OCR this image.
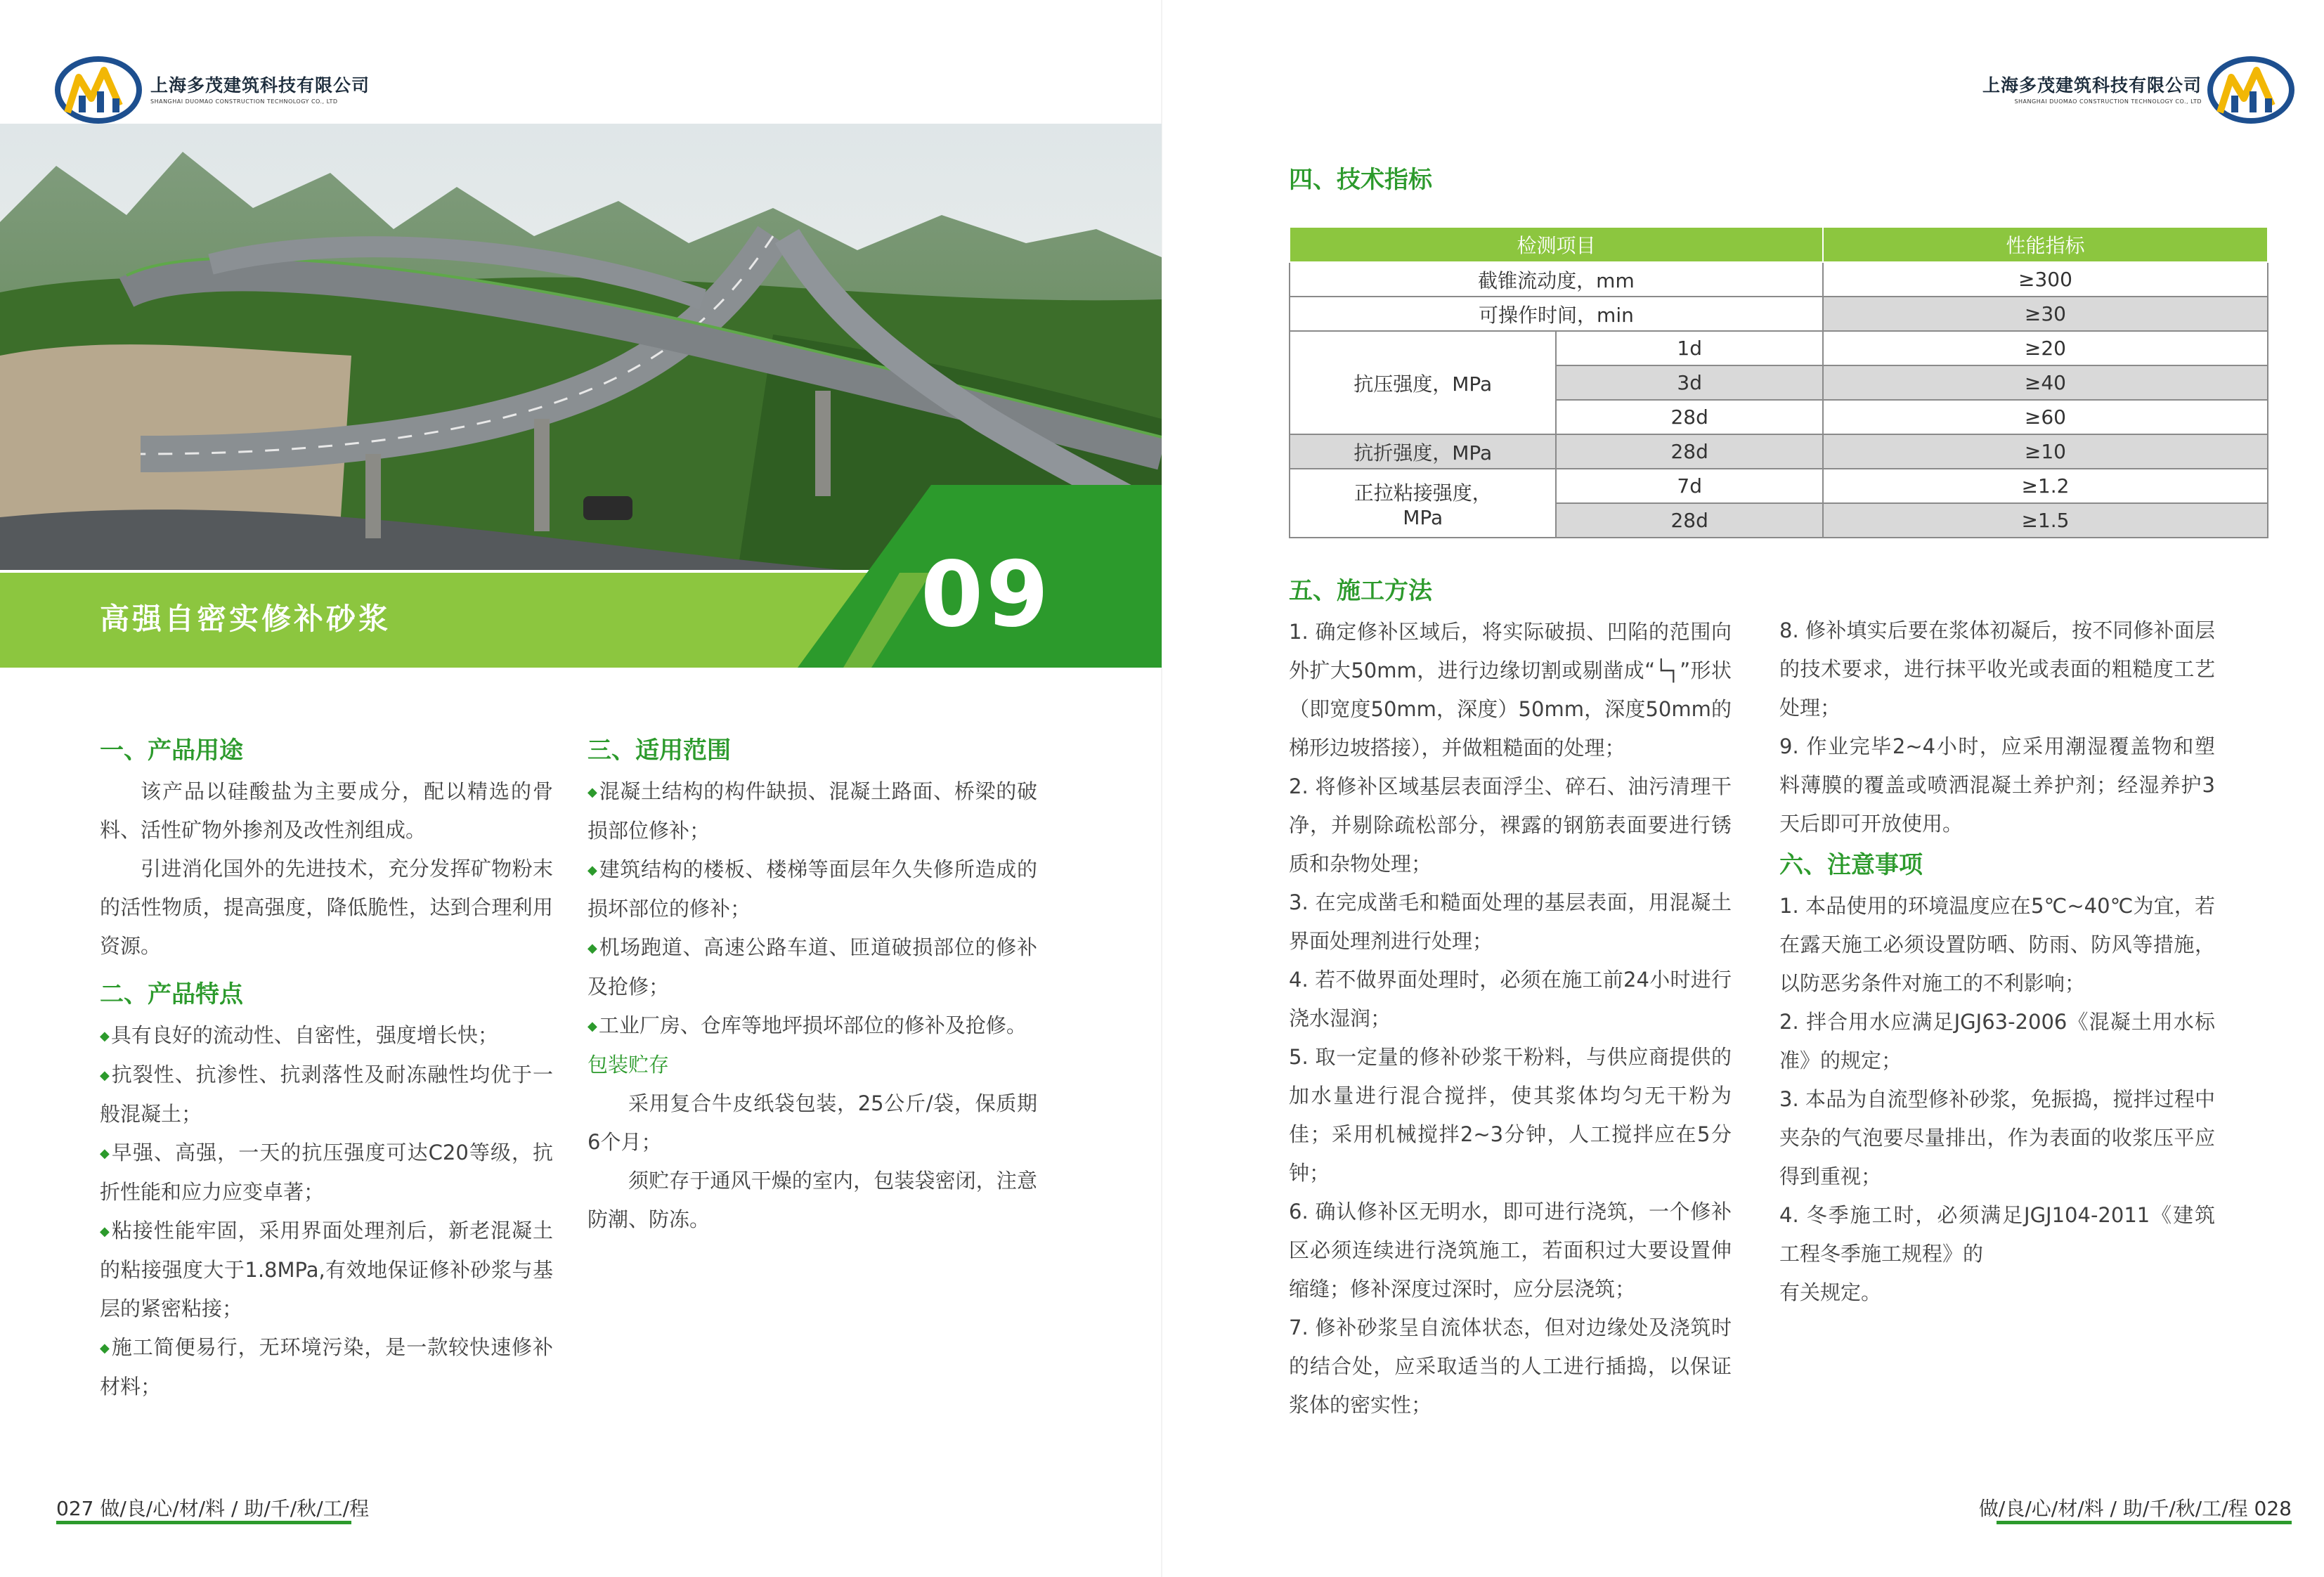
上海多茂建筑科技有限公司
SHANGHAI DUOMAO CONSTRUCTION TECHNOLOGY CO., LTD
高强自密实修补砂浆	09
一、产品用途

该产品以硅酸盐为主要成分，配以精选的骨料、活性矿物外掺剂及改性剂组成。

引进消化国外的先进技术，充分发挥矿物粉末的活性物质，提高强度，降低脆性，达到合理利用资源。

二、产品特点

◆ 具有良好的流动性、自密性，强度增长快；

◆ 抗裂性、抗渗性、抗剥落性及耐冻融性均优于一般混凝土；

◆ 早强、高强，一天的抗压强度可达C20等级，抗折性能和应力应变卓著；

◆ 粘接性能牢固，采用界面处理剂后，新老混凝土的粘接强度大于1.8MPa,有效地保证修补砂浆与基层的紧密粘接；

◆ 施工简便易行，无环境污染，是一款较快速修补材料；

三、适用范围

◆ 混凝土结构的构件缺损、混凝土路面、桥梁的破损部位修补；

◆ 建筑结构的楼板、楼梯等面层年久失修所造成的损坏部位的修补；

◆ 机场跑道、高速公路车道、匝道破损部位的修补及抢修；

◆ 工业厂房、仓库等地坪损坏部位的修补及抢修。

包装贮存

采用复合牛皮纸袋包装，25公斤/袋，保质期6个月；

须贮存于通风干燥的室内，包装袋密闭，注意防潮、防冻。

027 做/良/心/材/料 / 助/千/秋/工/程
上海多茂建筑科技有限公司
SHANGHAI DUOMAO CONSTRUCTION TECHNOLOGY CO., LTD
四、技术指标
检测项目		性能指标
截锥流动度，mm		≥300
可操作时间，min		≥30
抗压强度，MPa	1d	≥20
	3d	≥40
	28d	≥60
抗折强度，MPa	28d	≥10

正拉粘接强度，
MPa	7d	≥1.2
	28d	≥1.5
五、施工方法

1. 确定修补区域后，将实际破损、凹陷的范围向外扩大50mm，进行边缘切割或剔凿成“└┐”形状（即宽度50mm，深度）50mm，深度50mm的梯形边坡搭接），并做粗糙面的处理；

2. 将修补区域基层表面浮尘、碎石、油污清理干净，并剔除疏松部分，裸露的钢筋表面要进行锈质和杂物处理；

3. 在完成凿毛和糙面处理的基层表面，用混凝土界面处理剂进行处理；

4. 若不做界面处理时，必须在施工前24小时进行浇水湿润；

5. 取一定量的修补砂浆干粉料，与供应商提供的加水量进行混合搅拌，使其浆体均匀无干粉为佳；采用机械搅拌2~3分钟，人工搅拌应在5分钟；

6. 确认修补区无明水，即可进行浇筑，一个修补区必须连续进行浇筑施工，若面积过大要设置伸缩缝；修补深度过深时，应分层浇筑；

7. 修补砂浆呈自流体状态，但对边缘处及浇筑时的结合处，应采取适当的人工进行插捣，以保证浆体的密实性；

8. 修补填实后要在浆体初凝后，按不同修补面层的技术要求，进行抹平收光或表面的粗糙度工艺处理；

9. 作业完毕2~4小时，应采用潮湿覆盖物和塑料薄膜的覆盖或喷洒混凝土养护剂；经湿养护3天后即可开放使用。

六、注意事项

1. 本品使用的环境温度应在5℃~40℃为宜，若在露天施工必须设置防晒、防雨、防风等措施，以防恶劣条件对施工的不利影响；

2. 拌合用水应满足JGJ63-2006《混凝土用水标准》的规定；

3. 本品为自流型修补砂浆，免振捣，搅拌过程中夹杂的气泡要尽量排出，作为表面的收浆压平应得到重视；

4. 冬季施工时，必须满足JGJ104-2011《建筑工程冬季施工规程》的

有关规定。

做/良/心/材/料 / 助/千/秋/工/程 028
